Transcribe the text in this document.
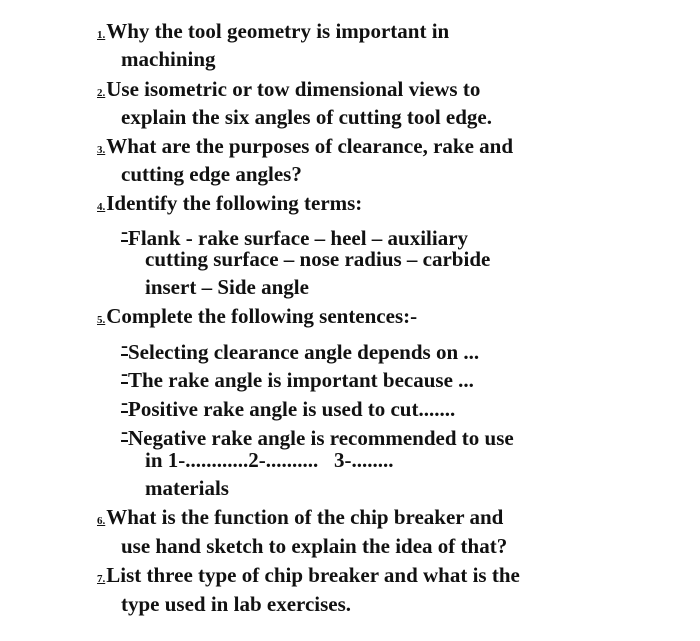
1.Why the tool geometry is important in
machining
2.Use isometric or tow dimensional views to
explain the six angles of cutting tool edge.
3.What are the purposes of clearance, rake and
cutting edge angles?
4.Identify the following terms:
-Flank - rake surface – heel – auxiliary
cutting surface – nose radius – carbide
insert – Side angle
5.Complete the following sentences:-
-Selecting clearance angle depends on ...
-The rake angle is important because ...
-Positive rake angle is used to cut.......
-Negative rake angle is recommended to use
in 1-............2-..........   3-........
materials
6.What is the function of the chip breaker and
use hand sketch to explain the idea of that?
7.List three type of chip breaker and what is the
type used in lab exercises.
